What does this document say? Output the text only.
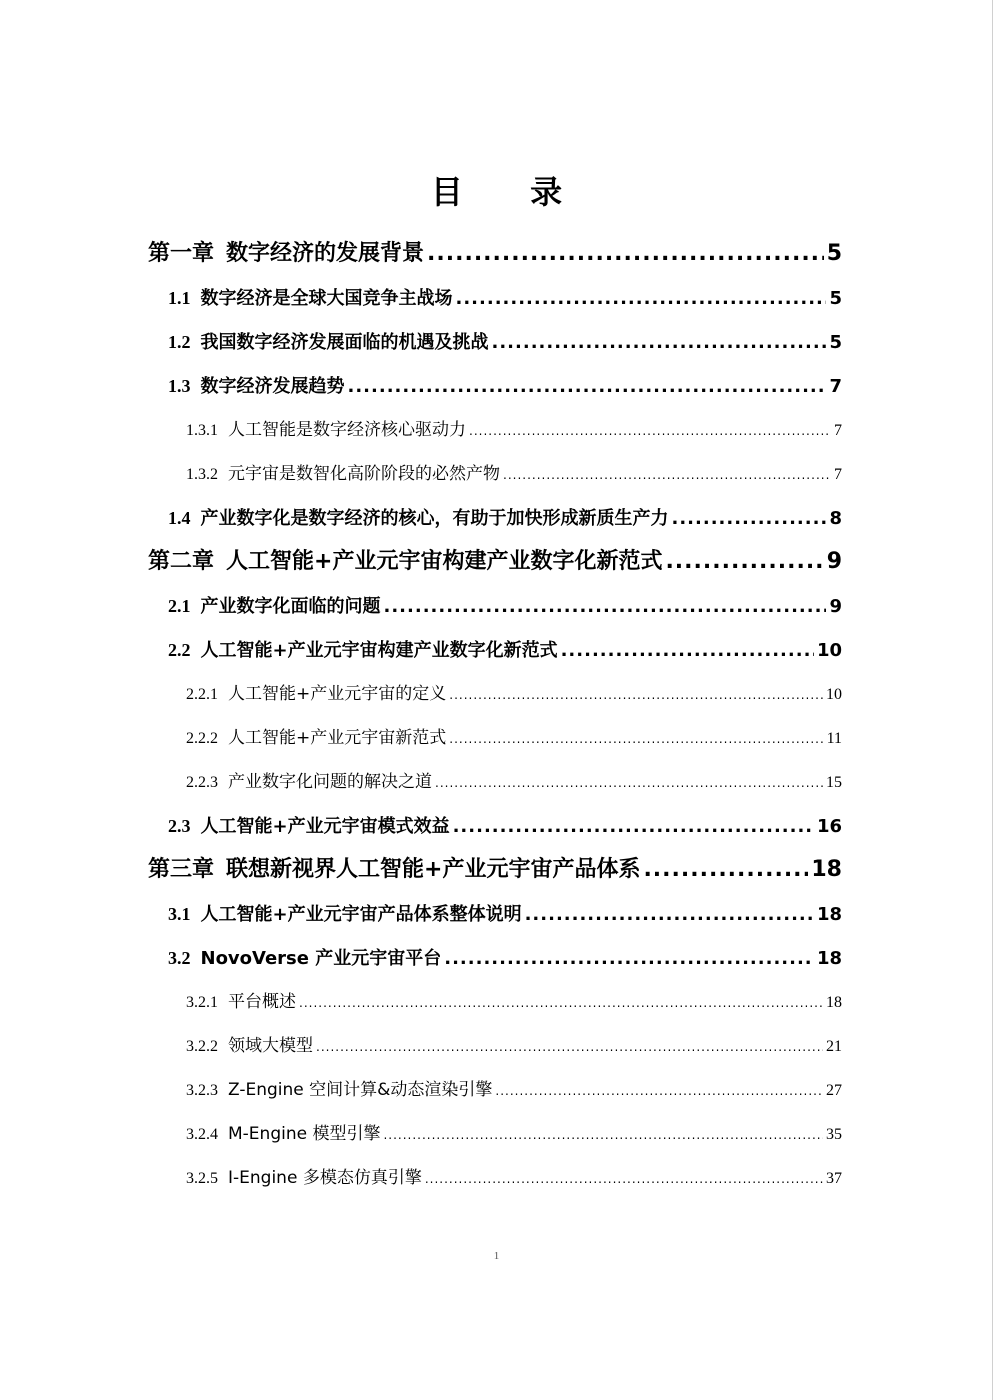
目 录
第一章 数字经济的发展背景 .....	5
1.1 数字经济是全球大国竞争主战场 .....	5
1.2 我国数字经济发展面临的机遇及挑战 .....	5
1.3 数字经济发展趋势 .....	7
1.3.1 人工智能是数字经济核心驱动力 .....	7
1.3.2 元宇宙是数智化高阶阶段的必然产物 .....	7
1.4 产业数字化是数字经济的核心，有助于加快形成新质生产力 .....	8
第二章 人工智能+产业元宇宙构建产业数字化新范式 .....	9
2.1 产业数字化面临的问题 .....	9
2.2 人工智能+产业元宇宙构建产业数字化新范式 .....	10
2.2.1 人工智能+产业元宇宙的定义 .....	10
2.2.2 人工智能+产业元宇宙新范式 .....	11
2.2.3 产业数字化问题的解决之道 .....	15
2.3 人工智能+产业元宇宙模式效益 .....	16
第三章 联想新视界人工智能+产业元宇宙产品体系 .....	18
3.1 人工智能+产业元宇宙产品体系整体说明 .....	18
3.2 NovoVerse 产业元宇宙平台 .....	18
3.2.1 平台概述 .....	18
3.2.2 领域大模型 .....	21
3.2.3 Z-Engine 空间计算&动态渲染引擎 .....	27
3.2.4 M-Engine 模型引擎 .....	35
3.2.5 I-Engine 多模态仿真引擎 .....	37
1
